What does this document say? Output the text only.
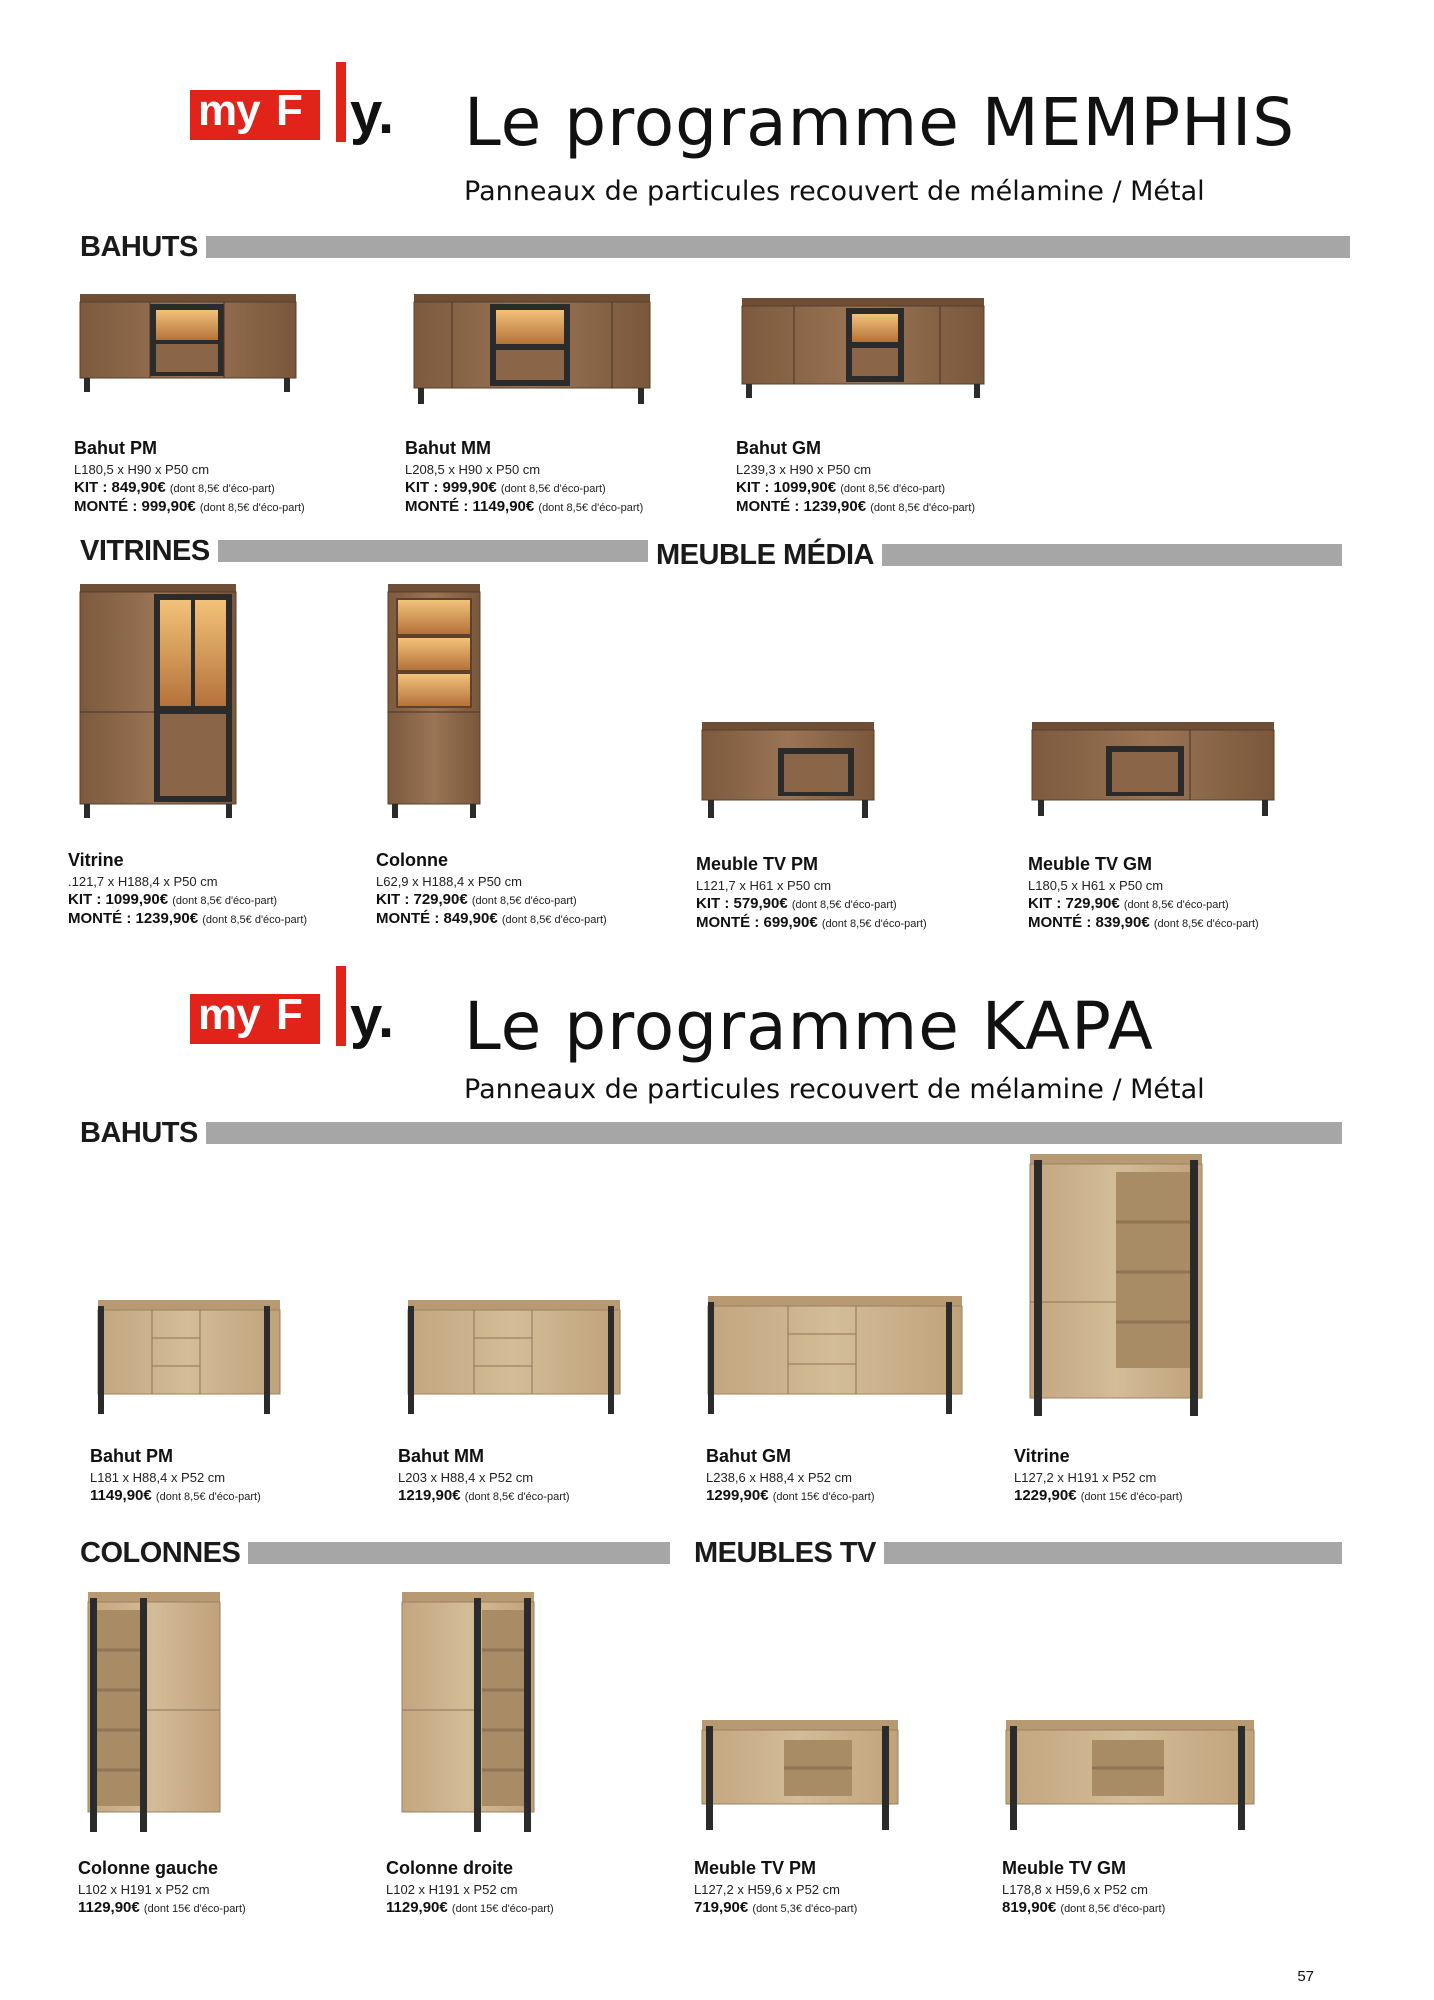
my F y. Le programme MEMPHIS
Panneaux de particules recouvert de mélamine / Métal
BAHUTS
Bahut PM
L180,5 x H90 x P50 cm
KIT : 849,90€ (dont 8,5€ d'éco-part)
MONTÉ : 999,90€ (dont 8,5€ d'éco-part)
Bahut MM
L208,5 x H90 x P50 cm
KIT : 999,90€ (dont 8,5€ d'éco-part)
MONTÉ : 1149,90€ (dont 8,5€ d'éco-part)
Bahut GM
L239,3 x H90 x P50 cm
KIT : 1099,90€ (dont 8,5€ d'éco-part)
MONTÉ : 1239,90€ (dont 8,5€ d'éco-part)
VITRINES	MEUBLE MÉDIA
Vitrine
.121,7 x H188,4 x P50 cm
KIT : 1099,90€ (dont 8,5€ d'éco-part)
MONTÉ : 1239,90€ (dont 8,5€ d'éco-part)
Colonne
L62,9 x H188,4 x P50 cm
KIT : 729,90€ (dont 8,5€ d'éco-part)
MONTÉ : 849,90€ (dont 8,5€ d'éco-part)
Meuble TV PM
L121,7 x H61 x P50 cm
KIT : 579,90€ (dont 8,5€ d'éco-part)
MONTÉ : 699,90€ (dont 8,5€ d'éco-part)
Meuble TV GM
L180,5 x H61 x P50 cm
KIT : 729,90€ (dont 8,5€ d'éco-part)
MONTÉ : 839,90€ (dont 8,5€ d'éco-part)
my F y. Le programme KAPA
Panneaux de particules recouvert de mélamine / Métal
BAHUTS
Bahut PM
L181 x H88,4 x P52 cm
1149,90€ (dont 8,5€ d'éco-part)
Bahut MM
L203 x H88,4 x P52 cm
1219,90€ (dont 8,5€ d'éco-part)
Bahut GM
L238,6 x H88,4 x P52 cm
1299,90€ (dont 15€ d'éco-part)
Vitrine
L127,2 x H191 x P52 cm
1229,90€ (dont 15€ d'éco-part)
COLONNES	MEUBLES TV
Colonne gauche
L102 x H191 x P52 cm
1129,90€ (dont 15€ d'éco-part)
Colonne droite
L102 x H191 x P52 cm
1129,90€ (dont 15€ d'éco-part)
Meuble TV PM
L127,2 x H59,6 x P52 cm
719,90€ (dont 5,3€ d'éco-part)
Meuble TV GM
L178,8 x H59,6 x P52 cm
819,90€ (dont 8,5€ d'éco-part)
57
